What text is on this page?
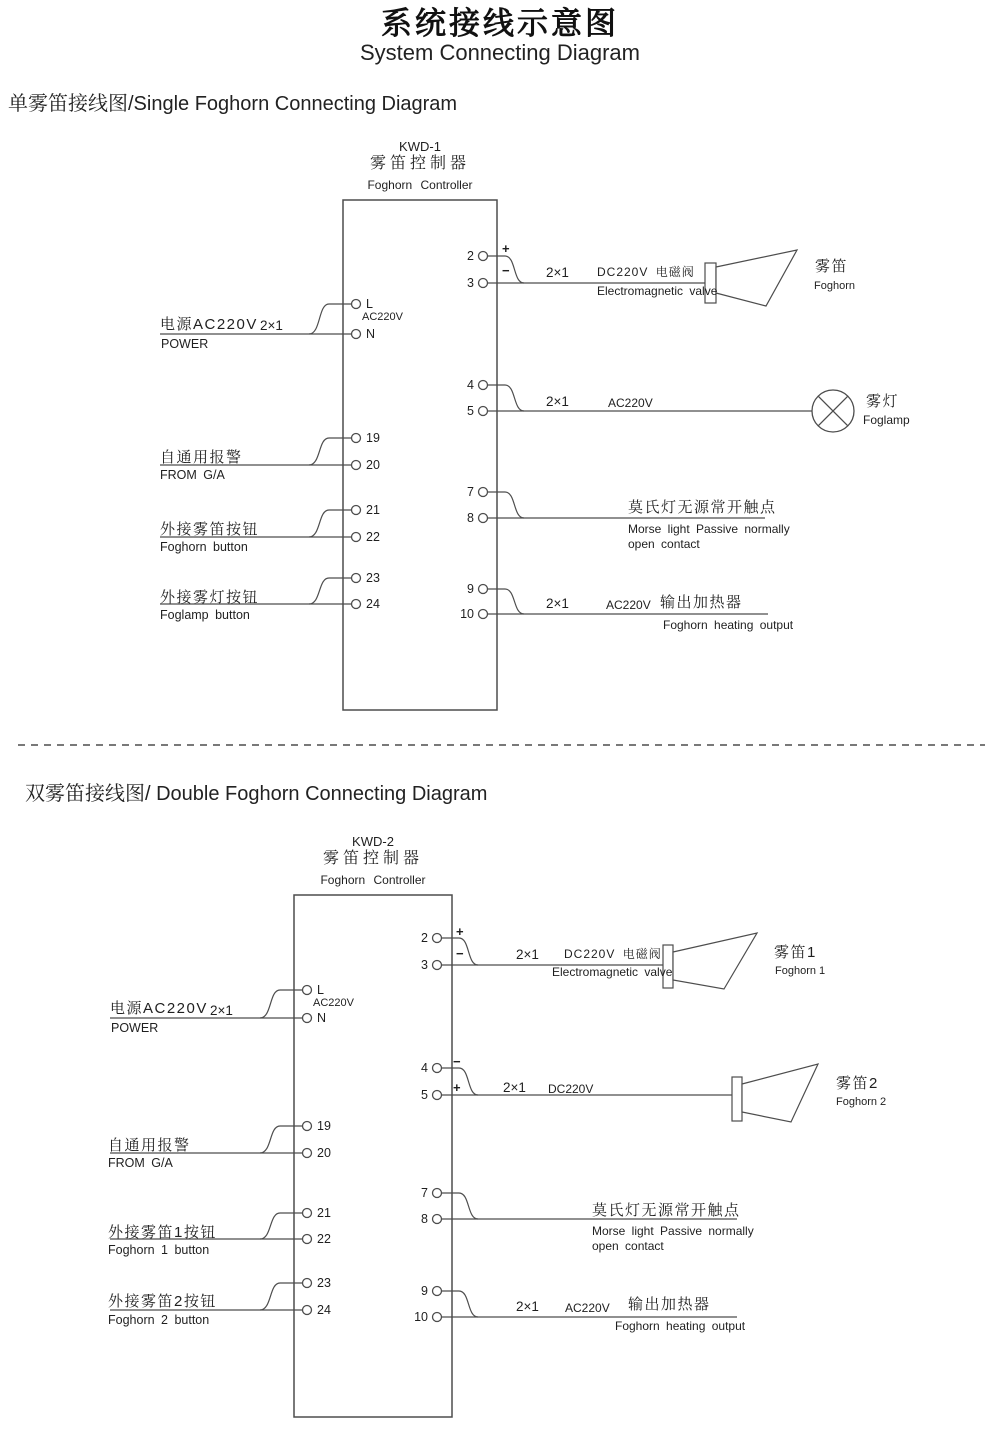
系统接线示意图
System Connecting Diagram
单雾笛接线图/Single Foghorn Connecting Diagram
KWD-1
雾笛控制器
Foghorn Controller
L
AC220V
N
19
20
21
22
23
24
2
3
4
5
7
8
9
10
+
−
电源AC220V 2×1
POWER
自通用报警
FROM G/A
外接雾笛按钮
Foghorn button
外接雾灯按钮
Foglamp button
2×1 DC220V 电磁阀
Electromagnetic valve
雾笛
Foghorn
2×1	AC220V	雾灯
Foglamp
莫氏灯无源常开触点
Morse light Passive normally
open contact
2×1	AC220V 输出加热器
Foghorn heating output
双雾笛接线图/ Double Foghorn Connecting Diagram
KWD-2
雾笛控制器
Foghorn Controller
L
AC220V
N
19
20
21
22
23
24
2
3
4
5
7
8
9
10
+
−
−
+
电源AC220V 2×1
POWER
自通用报警
FROM G/A
外接雾笛1按钮
Foghorn 1 button
外接雾笛2按钮
Foghorn 2 button
2×1 DC220V 电磁阀
Electromagnetic valve
雾笛1
Foghorn 1
2×1 DC220V	雾笛2
Foghorn 2
莫氏灯无源常开触点
Morse light Passive normally
open contact
2×1 AC220V 输出加热器
Foghorn heating output
